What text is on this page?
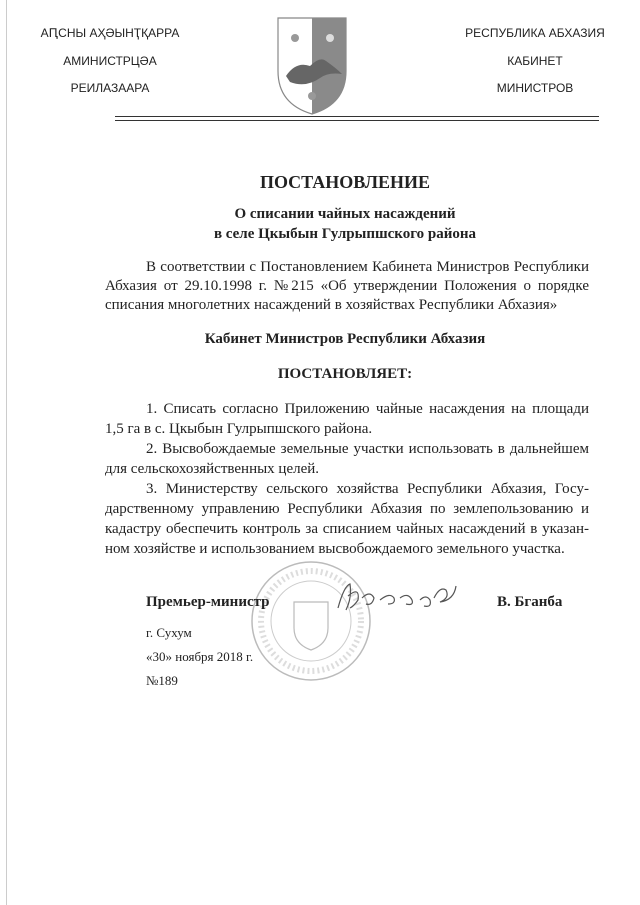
АԤСНЫ АҲӘЫНҬҚАРРА
АМИНИСТРЦӘА
РЕИЛАЗААРА
РЕСПУБЛИКА АБХАЗИЯ
КАБИНЕТ
МИНИСТРОВ
ПОСТАНОВЛЕНИЕ
О списании чайных насаждений
в селе Цкыбын Гулрыпшского района
В соответствии с Постановлением Кабинета Министров Республики
Абхазия от 29.10.1998 г. №215 «Об утверждении Положения о порядке
списания многолетних насаждений в хозяйствах Республики Абхазия»
Кабинет Министров Республики Абхазия
ПОСТАНОВЛЯЕТ:
1. Списать согласно Приложению чайные насаждения на площади
1,5 га в с. Цкыбын Гулрыпшского района.
2. Высвобождаемые земельные участки использовать в дальнейшем
для сельскохозяйственных целей.
3. Министерству сельского хозяйства Республики Абхазия, Госу-
дарственному управлению Республики Абхазия по землепользованию и
кадастру обеспечить контроль за списанием чайных насаждений в указан-
ном хозяйстве и использованием высвобождаемого земельного участка.
Премьер-министр	В. Бганба
г. Сухум
«30» ноября 2018 г.
№189
